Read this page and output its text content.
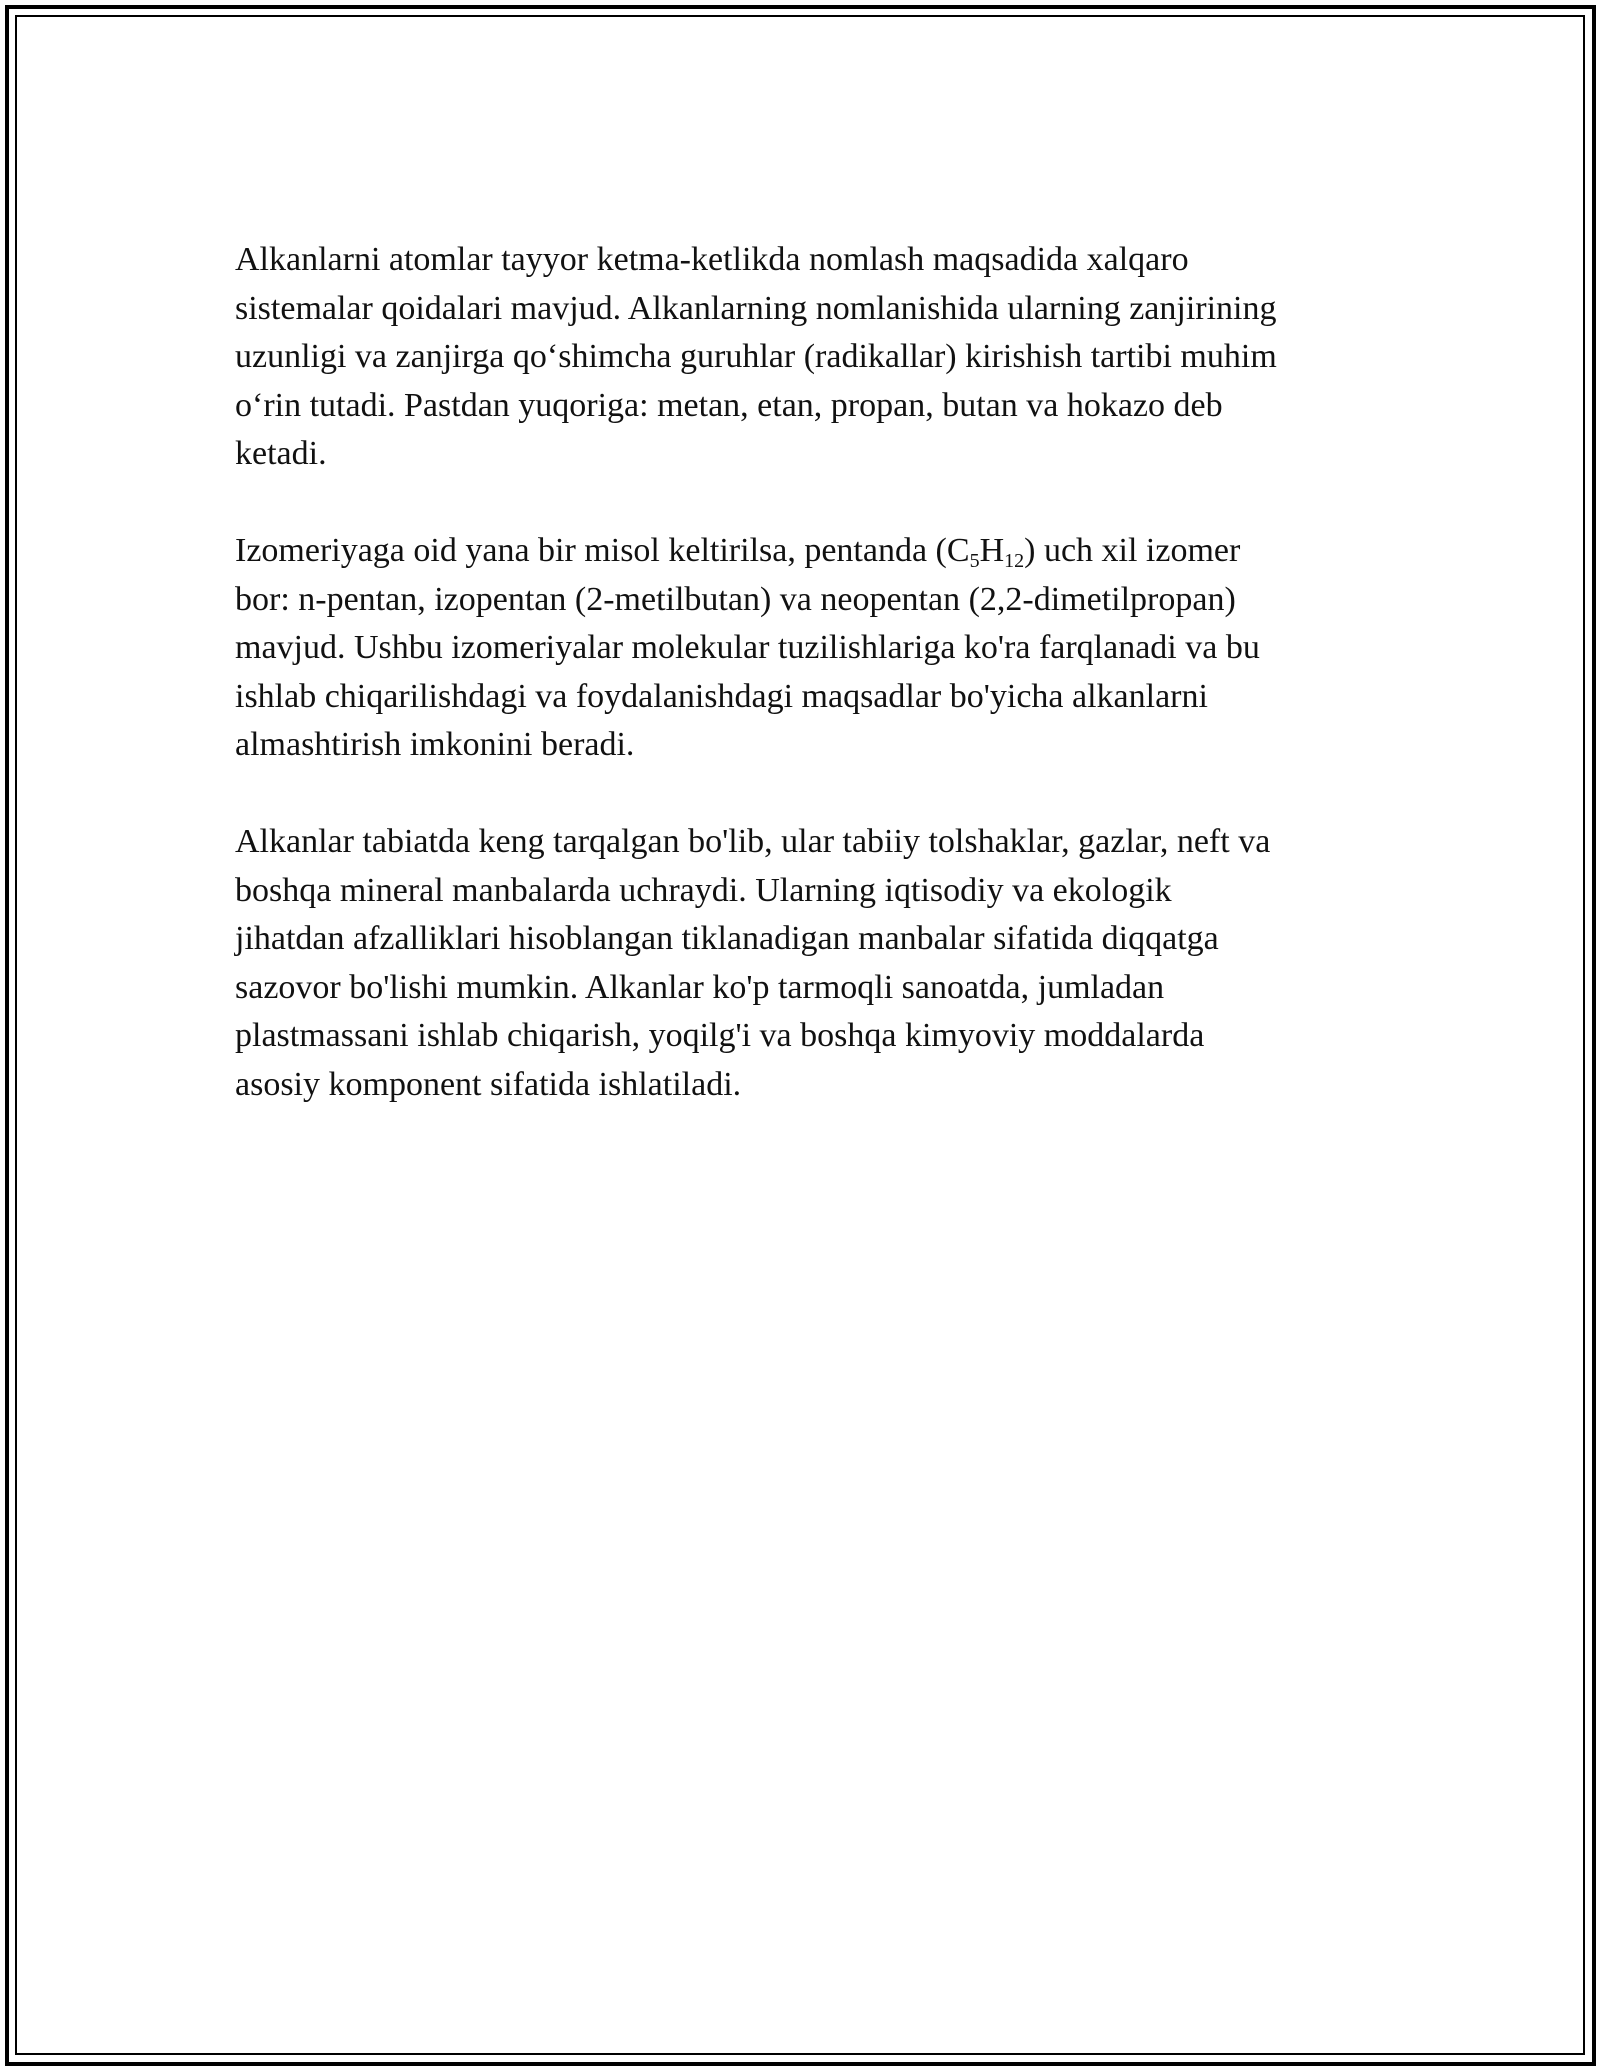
Alkanlarni atomlar tayyor ketma-ketlikda nomlash maqsadida xalqaro
sistemalar qoidalari mavjud. Alkanlarning nomlanishida ularning zanjirining
uzunligi va zanjirga qo‘shimcha guruhlar (radikallar) kirishish tartibi muhim
o‘rin tutadi. Pastdan yuqoriga: metan, etan, propan, butan va hokazo deb
ketadi.

Izomeriyaga oid yana bir misol keltirilsa, pentanda $(C_5H_{12})$ uch xil izomer
bor: n-pentan, izopentan (2-metilbutan) va neopentan (2,2-dimetilpropan)
mavjud. Ushbu izomeriyalar molekular tuzilishlariga ko'ra farqlanadi va bu
ishlab chiqarilishdagi va foydalanishdagi maqsadlar bo'yicha alkanlarni
almashtirish imkonini beradi.

Alkanlar tabiatda keng tarqalgan bo'lib, ular tabiiy tolshaklar, gazlar, neft va
boshqa mineral manbalarda uchraydi. Ularning iqtisodiy va ekologik
jihatdan afzalliklari hisoblangan tiklanadigan manbalar sifatida diqqatga
sazovor bo'lishi mumkin. Alkanlar ko'p tarmoqli sanoatda, jumladan
plastmassani ishlab chiqarish, yoqilg'i va boshqa kimyoviy moddalarda
asosiy komponent sifatida ishlatiladi.
